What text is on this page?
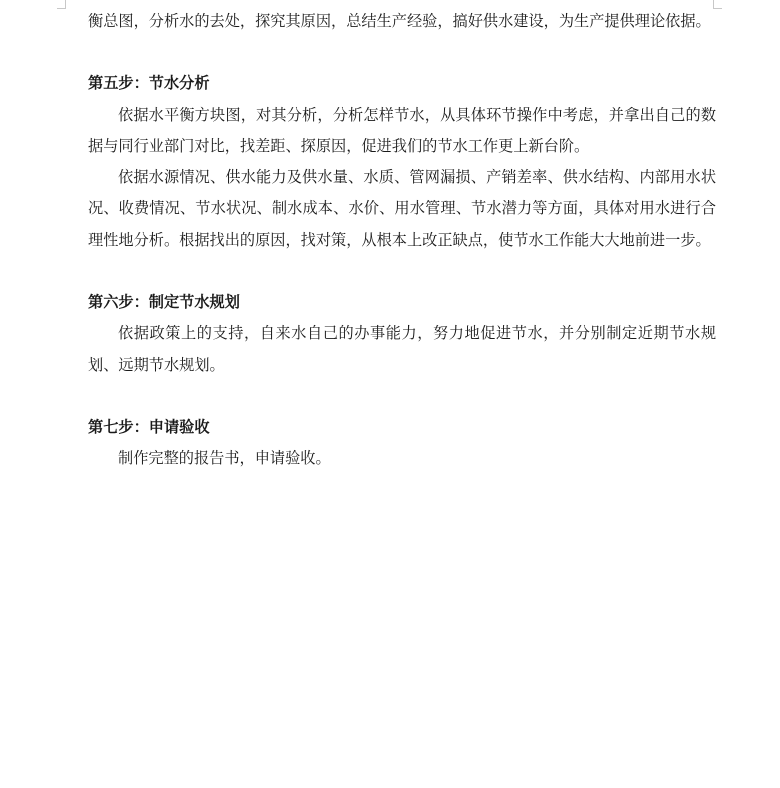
衡总图，分析水的去处，探究其原因，总结生产经验，搞好供水建设，为生产提供理论依据。

第五步：节水分析

依据水平衡方块图，对其分析，分析怎样节水，从具体环节操作中考虑，并拿出自己的数据与同行业部门对比，找差距、探原因，促进我们的节水工作更上新台阶。

依据水源情况、供水能力及供水量、水质、管网漏损、产销差率、供水结构、内部用水状况、收费情况、节水状况、制水成本、水价、用水管理、节水潜力等方面，具体对用水进行合理性地分析。根据找出的原因，找对策，从根本上改正缺点，使节水工作能大大地前进一步。

第六步：制定节水规划

依据政策上的支持，自来水自己的办事能力，努力地促进节水，并分别制定近期节水规划、远期节水规划。

第七步：申请验收

制作完整的报告书，申请验收。
